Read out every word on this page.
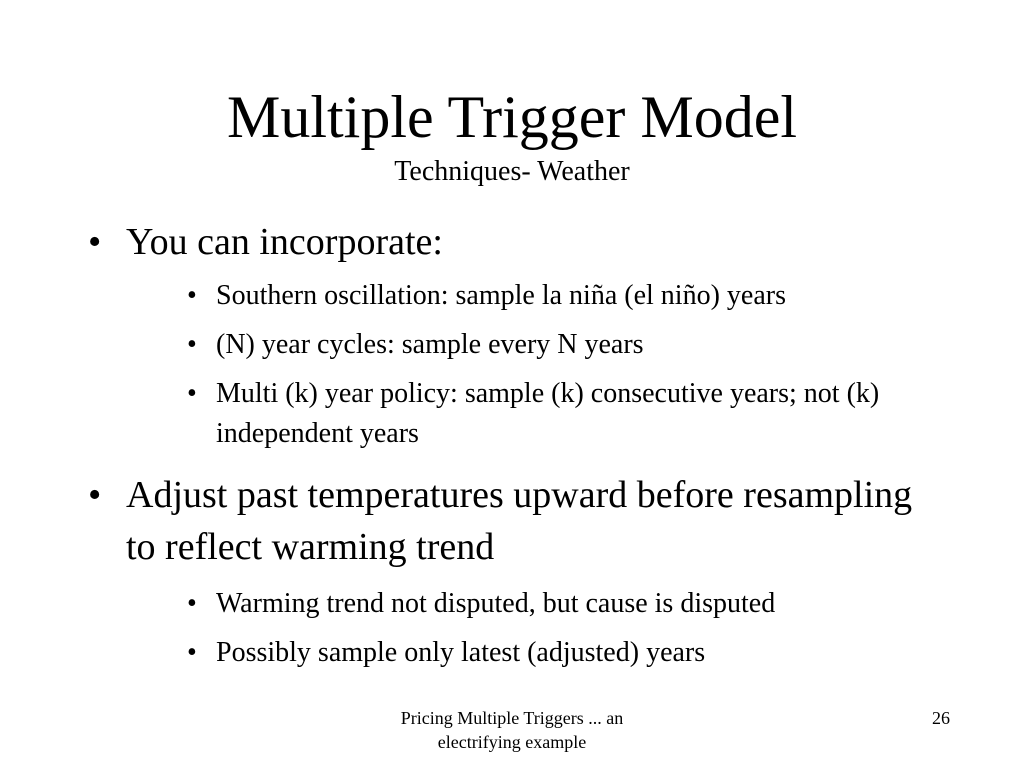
Multiple Trigger Model
Techniques- Weather
• You can incorporate:
• Southern oscillation: sample la niña (el niño) years
• (N) year cycles: sample every N years
• Multi (k) year policy: sample (k) consecutive years; not (k) independent years
• Adjust past temperatures upward before resampling to reflect warming trend
• Warming trend not disputed, but cause is disputed
• Possibly sample only latest (adjusted) years
Pricing Multiple Triggers ... an electrifying example
26
